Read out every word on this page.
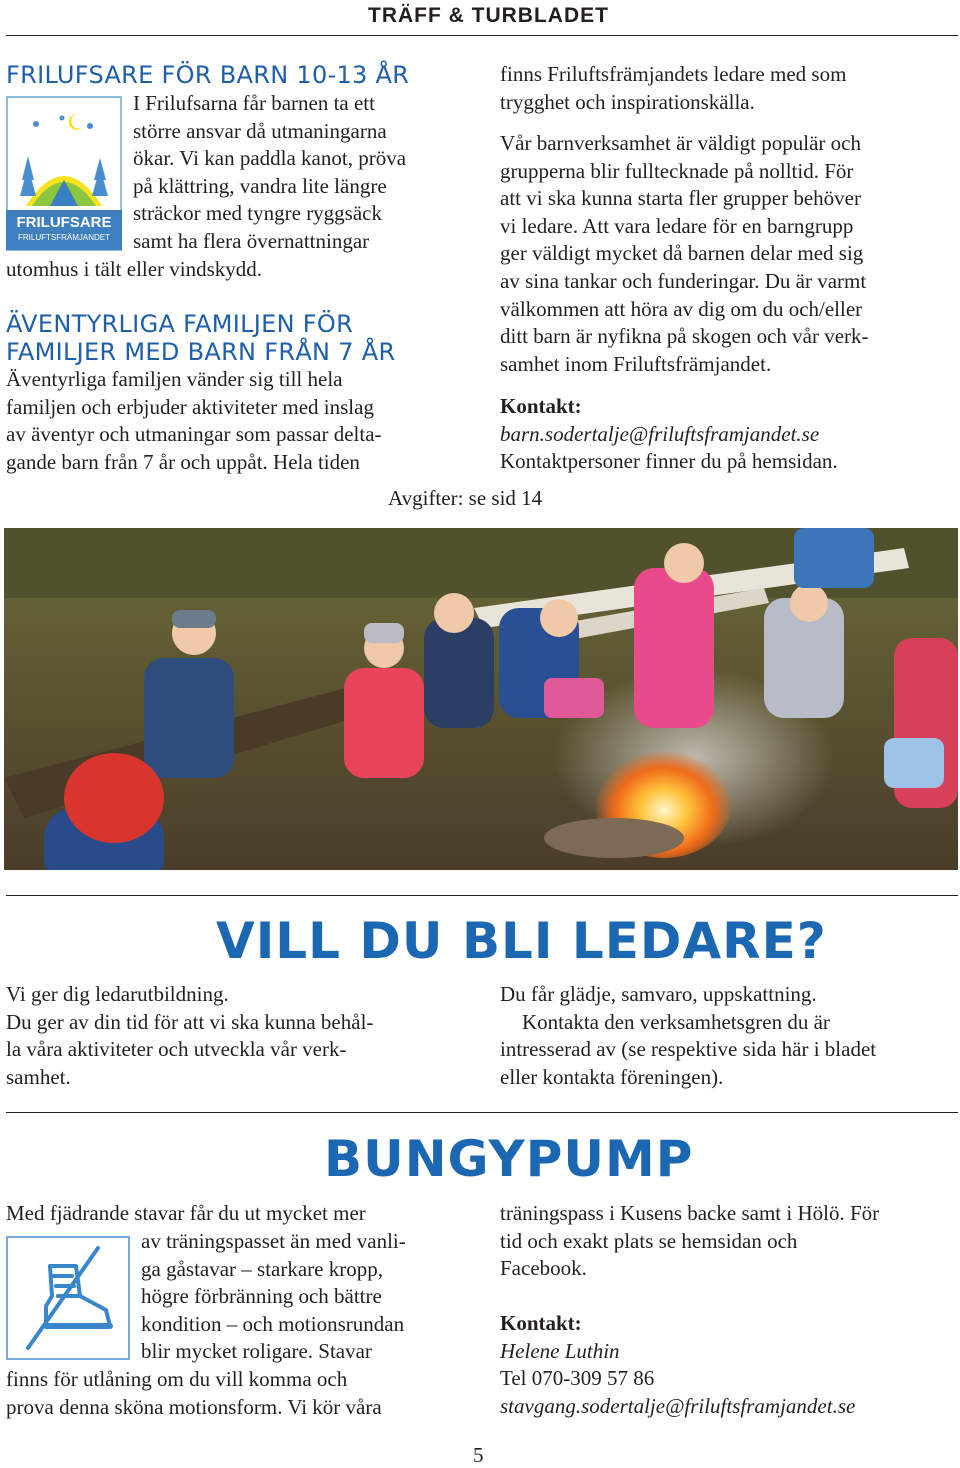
TRÄFF & TURBLADET
FRILUFSARE FÖR BARN 10-13 ÅR
FRILUFSARE
FRILUFTSFRÄMJANDET

I Frilufsarna får barnen ta ett

större ansvar då utmaningarna

ökar. Vi kan paddla kanot, pröva

på klättring, vandra lite längre

sträckor med tyngre ryggsäck

samt ha flera övernattningar

utomhus i tält eller vindskydd.

ÄVENTYRLIGA FAMILJEN FÖR
FAMILJER MED BARN FRÅN 7 ÅR

Äventyrliga familjen vänder sig till hela

familjen och erbjuder aktiviteter med inslag

av äventyr och utmaningar som passar delta-

gande barn från 7 år och uppåt. Hela tiden

finns Friluftsfrämjandets ledare med som

trygghet och inspirationskälla.

Vår barnverksamhet är väldigt populär och

grupperna blir fulltecknade på nolltid. För

att vi ska kunna starta fler grupper behöver

vi ledare. Att vara ledare för en barngrupp

ger väldigt mycket då barnen delar med sig

av sina tankar och funderingar. Du är varmt

välkommen att höra av dig om du och/eller

ditt barn är nyfikna på skogen och vår verk-

samhet inom Friluftsfrämjandet.

Kontakt:

barn.sodertalje@friluftsframjandet.se

Kontaktpersoner finner du på hemsidan.

Avgifter: se sid 14
VILL DU BLI LEDARE?

Vi ger dig ledarutbildning.

Du ger av din tid för att vi ska kunna behål-

la våra aktiviteter och utveckla vår verk-

samhet.

Du får glädje, samvaro, uppskattning.

Kontakta den verksamhetsgren du är

intresserad av (se respektive sida här i bladet

eller kontakta föreningen).

BUNGYPUMP

Med fjädrande stavar får du ut mycket mer

av träningspasset än med vanli-

ga gåstavar – starkare kropp,

högre förbränning och bättre

kondition – och motionsrundan

blir mycket roligare. Stavar

finns för utlåning om du vill komma och

prova denna sköna motionsform. Vi kör våra

träningspass i Kusens backe samt i Hölö. För

tid och exakt plats se hemsidan och

Facebook.

Kontakt:

Helene Luthin

Tel 070-309 57 86

stavgang.sodertalje@friluftsframjandet.se

5
